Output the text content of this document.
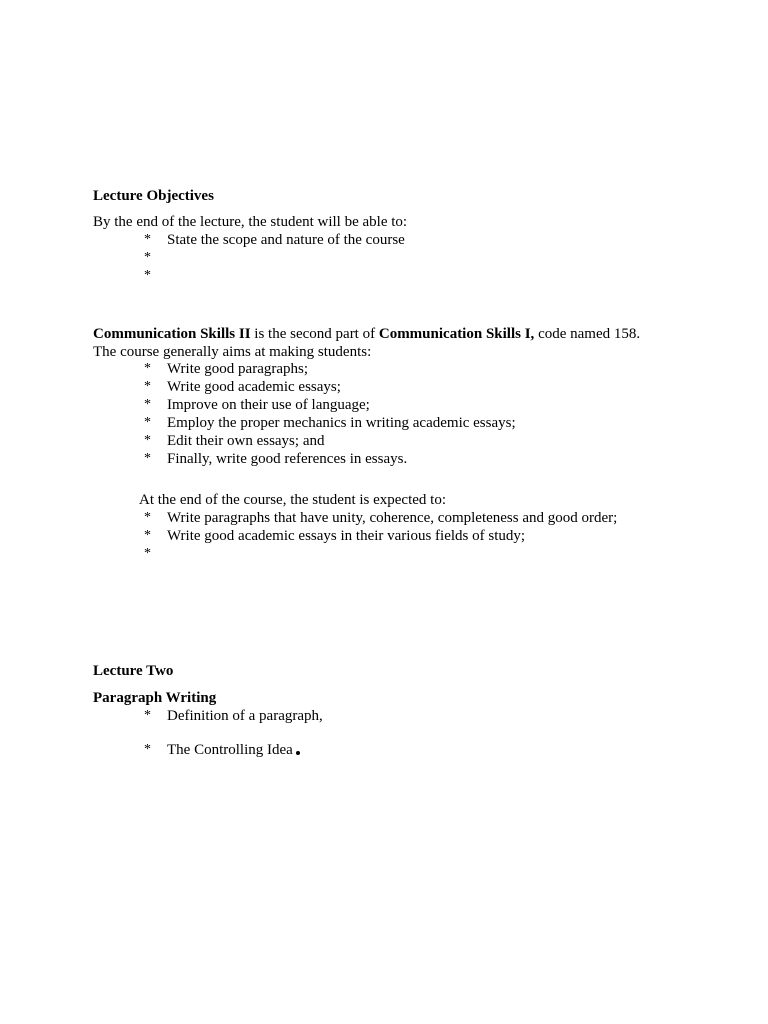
Lecture Objectives
By the end of the lecture, the student will be able to:
* State the scope and nature of the course
*
*
Communication Skills II is the second part of Communication Skills I, code named 158.
The course generally aims at making students:
* Write good paragraphs;
* Write good academic essays;
* Improve on their use of language;
* Employ the proper mechanics in writing academic essays;
* Edit their own essays; and
* Finally, write good references in essays.
At the end of the course, the student is expected to:
* Write paragraphs that have unity, coherence, completeness and good order;
* Write good academic essays in their various fields of study;
*
Lecture Two
Paragraph Writing
* Definition of a paragraph,
* The Controlling Idea
